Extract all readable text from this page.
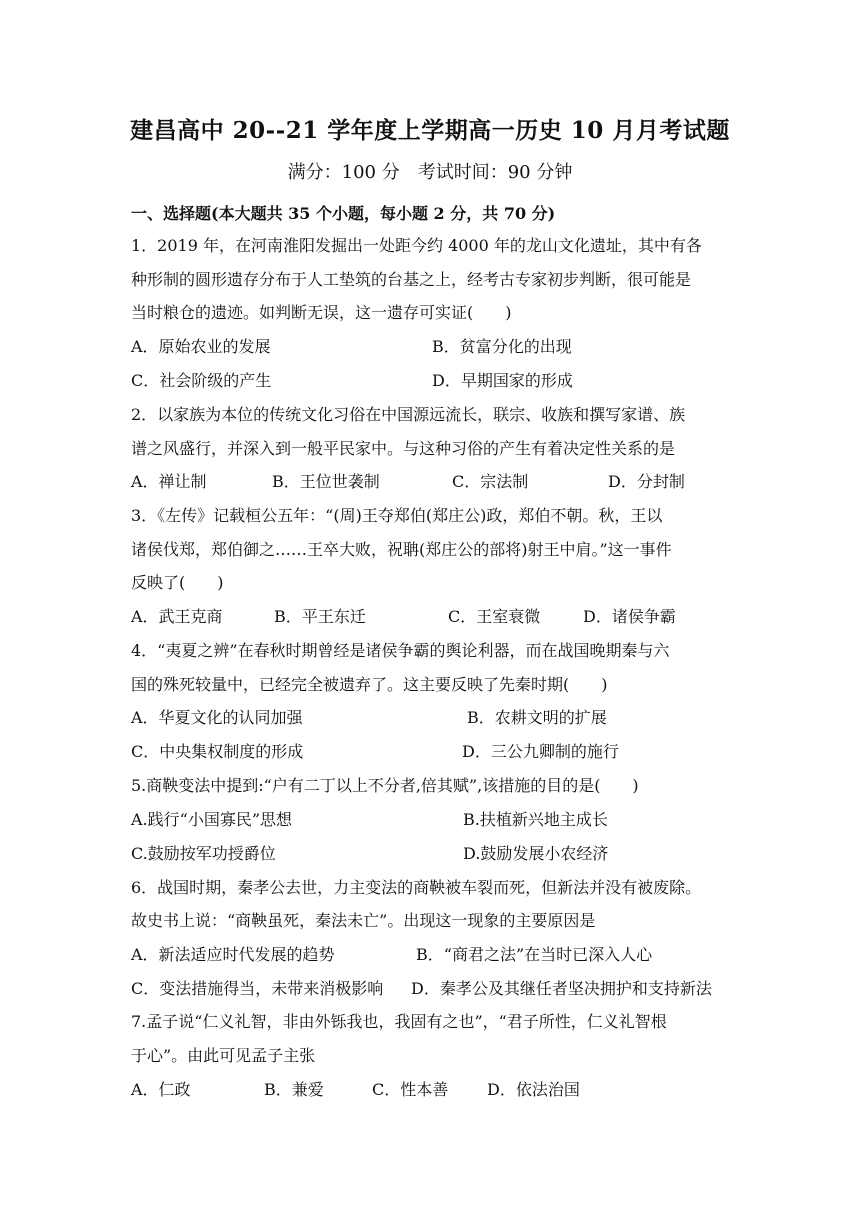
建昌高中 20--21 学年度上学期高一历史 10 月月考试题
满分：100 分　考试时间：90 分钟
一、选择题(本大题共 35 个小题，每小题 2 分，共 70 分)
1．2019 年，在河南淮阳发掘出一处距今约 4000 年的龙山文化遗址，其中有各
种形制的圆形遗存分布于人工垫筑的台基之上，经考古专家初步判断，很可能是
当时粮仓的遗迹。如判断无误，这一遗存可实证(　　)
A．原始农业的发展	B．贫富分化的出现
C．社会阶级的产生	D．早期国家的形成
2．以家族为本位的传统文化习俗在中国源远流长，联宗、收族和撰写家谱、族
谱之风盛行，并深入到一般平民家中。与这种习俗的产生有着决定性关系的是
A．禅让制	B．王位世袭制	C．宗法制	D．分封制
3．《左传》记载桓公五年：“(周)王夺郑伯(郑庄公)政，郑伯不朝。秋，王以
诸侯伐郑，郑伯御之……王卒大败，祝聃(郑庄公的部将)射王中肩。”这一事件
反映了(　　)
A．武王克商	B．平王东迁	C．王室衰微	D．诸侯争霸
4．“夷夏之辨”在春秋时期曾经是诸侯争霸的舆论利器，而在战国晚期秦与六
国的殊死较量中，已经完全被遗弃了。这主要反映了先秦时期(　　)
A．华夏文化的认同加强	B．农耕文明的扩展
C．中央集权制度的形成	D．三公九卿制的施行
5.商鞅变法中提到:“户有二丁以上不分者,倍其赋”,该措施的目的是(　　)
A.践行“小国寡民”思想	B.扶植新兴地主成长
C.鼓励按军功授爵位	D.鼓励发展小农经济
6．战国时期，秦孝公去世，力主变法的商鞅被车裂而死，但新法并没有被废除。
故史书上说：“商鞅虽死，秦法未亡”。出现这一现象的主要原因是
A．新法适应时代发展的趋势	B．“商君之法”在当时已深入人心
C．变法措施得当，未带来消极影响 D．秦孝公及其继任者坚决拥护和支持新法
7.孟子说“仁义礼智，非由外铄我也，我固有之也”，“君子所性，仁义礼智根
于心”。由此可见孟子主张
A．仁政	B．兼爱	C．性本善 D．依法治国
